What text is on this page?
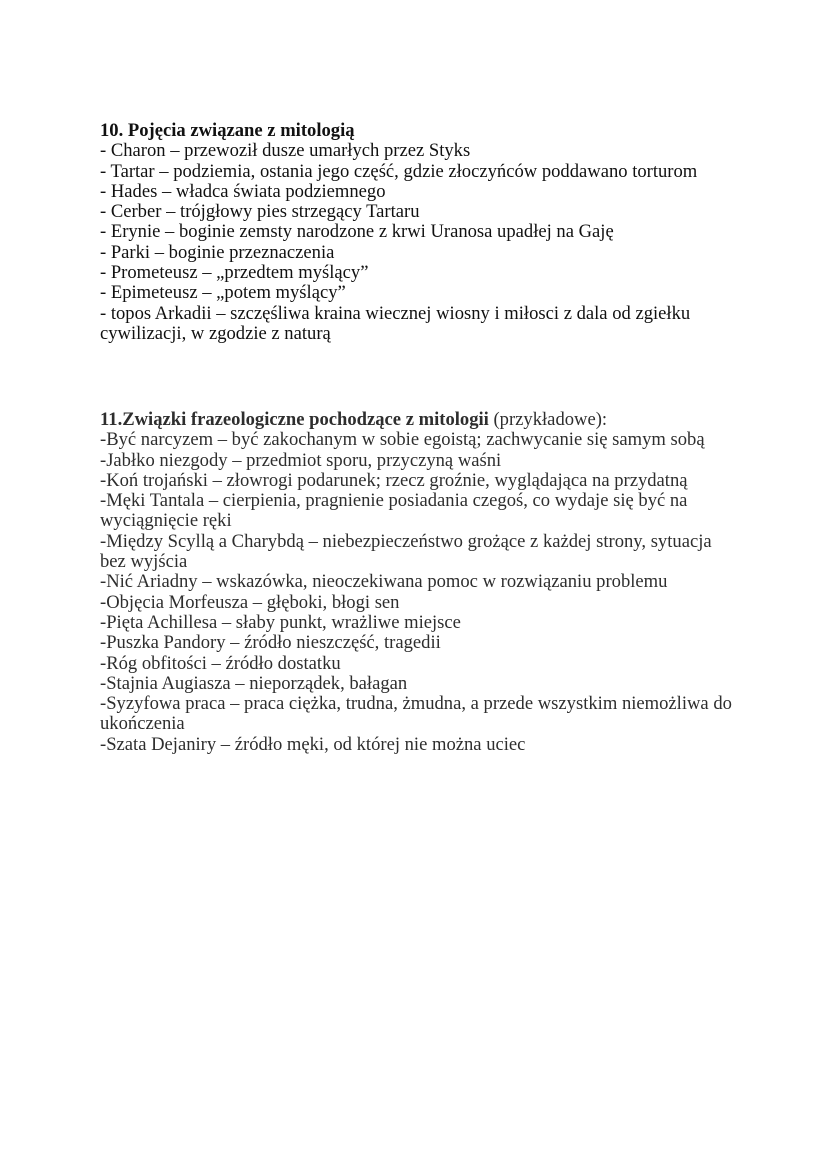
10. Pojęcia związane z mitologią

- Charon – przewoził dusze umarłych przez Styks

- Tartar – podziemia, ostania jego część, gdzie złoczyńców poddawano torturom

- Hades – władca świata podziemnego

- Cerber – trójgłowy pies strzegący Tartaru

- Erynie – boginie zemsty narodzone z krwi Uranosa upadłej na Gaję

- Parki – boginie przeznaczenia

- Prometeusz – „przedtem myślący”

- Epimeteusz – „potem myślący”

- topos Arkadii – szczęśliwa kraina wiecznej wiosny i miłosci z dala od zgiełku cywilizacji, w zgodzie z naturą

11.Związki frazeologiczne pochodzące z mitologii (przykładowe):

-Być narcyzem – być zakochanym w sobie egoistą; zachwycanie się samym sobą

-Jabłko niezgody – przedmiot sporu, przyczyną waśni

-Koń trojański – złowrogi podarunek; rzecz groźnie, wyglądająca na przydatną

-Męki Tantala – cierpienia, pragnienie posiadania czegoś, co wydaje się być na wyciągnięcie ręki

-Między Scyllą a Charybdą – niebezpieczeństwo grożące z każdej strony, sytuacja bez wyjścia

-Nić Ariadny – wskazówka, nieoczekiwana pomoc w rozwiązaniu problemu

-Objęcia Morfeusza – głęboki, błogi sen

-Pięta Achillesa – słaby punkt, wrażliwe miejsce

-Puszka Pandory – źródło nieszczęść, tragedii

-Róg obfitości – źródło dostatku

-Stajnia Augiasza – nieporządek, bałagan

-Syzyfowa praca – praca ciężka, trudna, żmudna, a przede wszystkim niemożliwa do ukończenia

-Szata Dejaniry – źródło męki, od której nie można uciec
